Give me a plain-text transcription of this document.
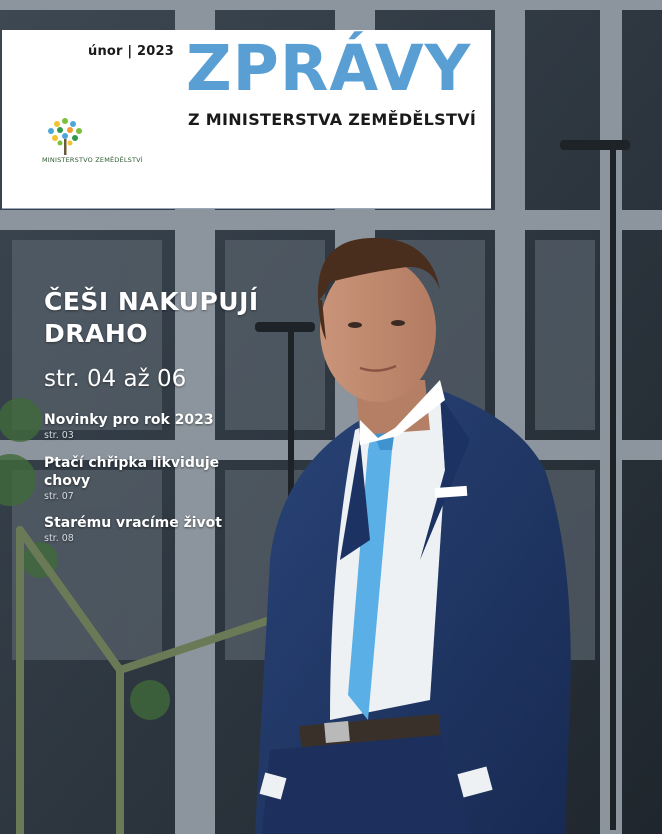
únor | 2023 ZPRÁVY
Z MINISTERSTVA ZEMĚDĚLSTVÍ
MINISTERSTVO ZEMĚDĚLSTVÍ
ČEŠI NAKUPUJÍ DRAHO
str. 04 až 06
Novinky pro rok 2023
str. 03
Ptačí chřipka likviduje chovy
str. 07
Starému vracíme život
str. 08
